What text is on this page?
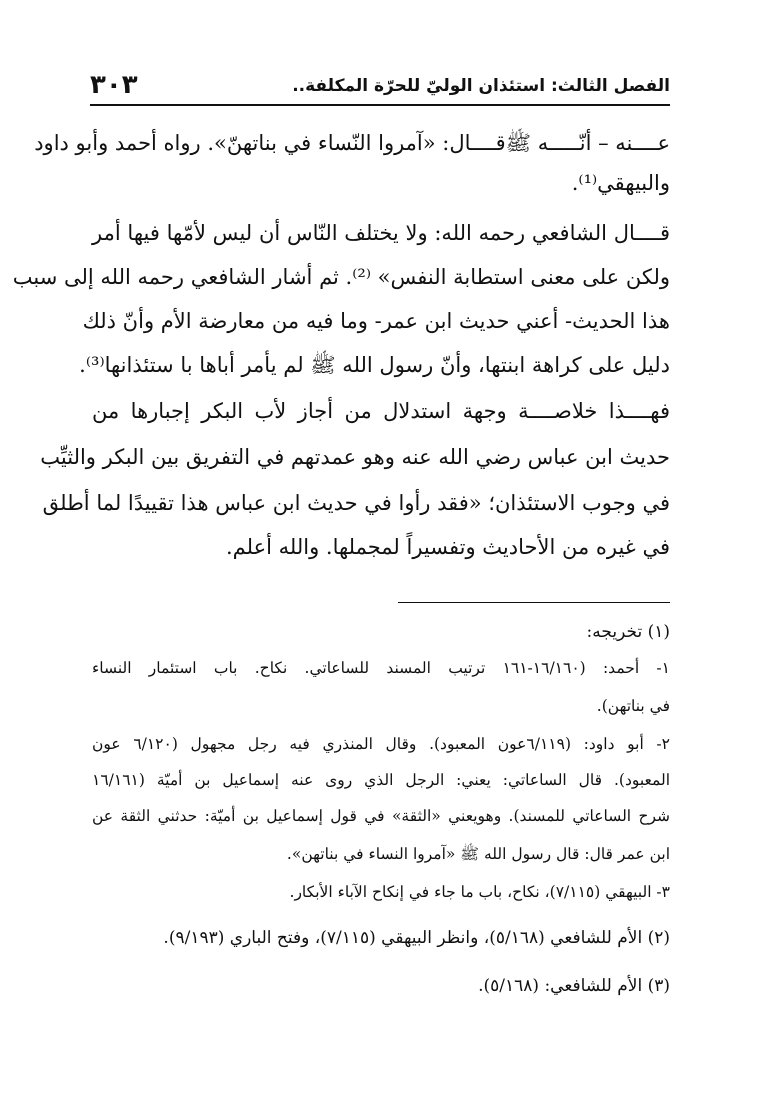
٣٠٣	الفصل الثالث: استئذان الوليّ للحرّة المكلفة..
عــــنه – أنّـــــه ﷺقــــال: «آمروا النّساء في بناتهنّ». رواه أحمد وأبو داود
والبيهقي⁽¹⁾.
قــــال الشافعي رحمه الله: ولا يختلف النّاس أن ليس لأمّها فيها أمر
ولكن على معنى استطابة النفس» ⁽²⁾. ثم أشار الشافعي رحمه الله إلى سبب
هذا الحديث- أعني حديث ابن عمر- وما فيه من معارضة الأم وأنّ ذلك
دليل على كراهة ابنتها، وأنّ رسول الله ﷺ لم يأمر أباها با ستئذانها⁽³⁾.
فهــــذا خلاصــــة وجهة استدلال من أجاز لأب البكر إجبارها من
حديث ابن عباس رضي الله عنه وهو عمدتهم في التفريق بين البكر والثيِّب
في وجوب الاستئذان؛ «فقد رأوا في حديث ابن عباس هذا تقييدًا لما أطلق
في غيره من الأحاديث وتفسيراً لمجملها. والله أعلم.
(١) تخريجه:
١- أحمد: (١٦/١٦٠-١٦١ ترتيب المسند للساعاتي. نكاح. باب استئمار النساء
في بناتهن).
٢- أبو داود: (٦/١١٩عون المعبود). وقال المنذري فيه رجل مجهول (٦/١٢٠ عون
المعبود). قال الساعاتي: يعني: الرجل الذي روى عنه إسماعيل بن أميّة (١٦/١٦١
شرح الساعاتي للمسند). وهويعني «الثقة» في قول إسماعيل بن أميّة: حدثني الثقة عن
ابن عمر قال: قال رسول الله ﷺ «آمروا النساء في بناتهن».
٣- البيهقي (٧/١١٥)، نكاح، باب ما جاء في إنكاح الآباء الأبكار.
(٢) الأم للشافعي (٥/١٦٨)، وانظر البيهقي (٧/١١٥)، وفتح الباري (٩/١٩٣).
(٣) الأم للشافعي: (٥/١٦٨).
